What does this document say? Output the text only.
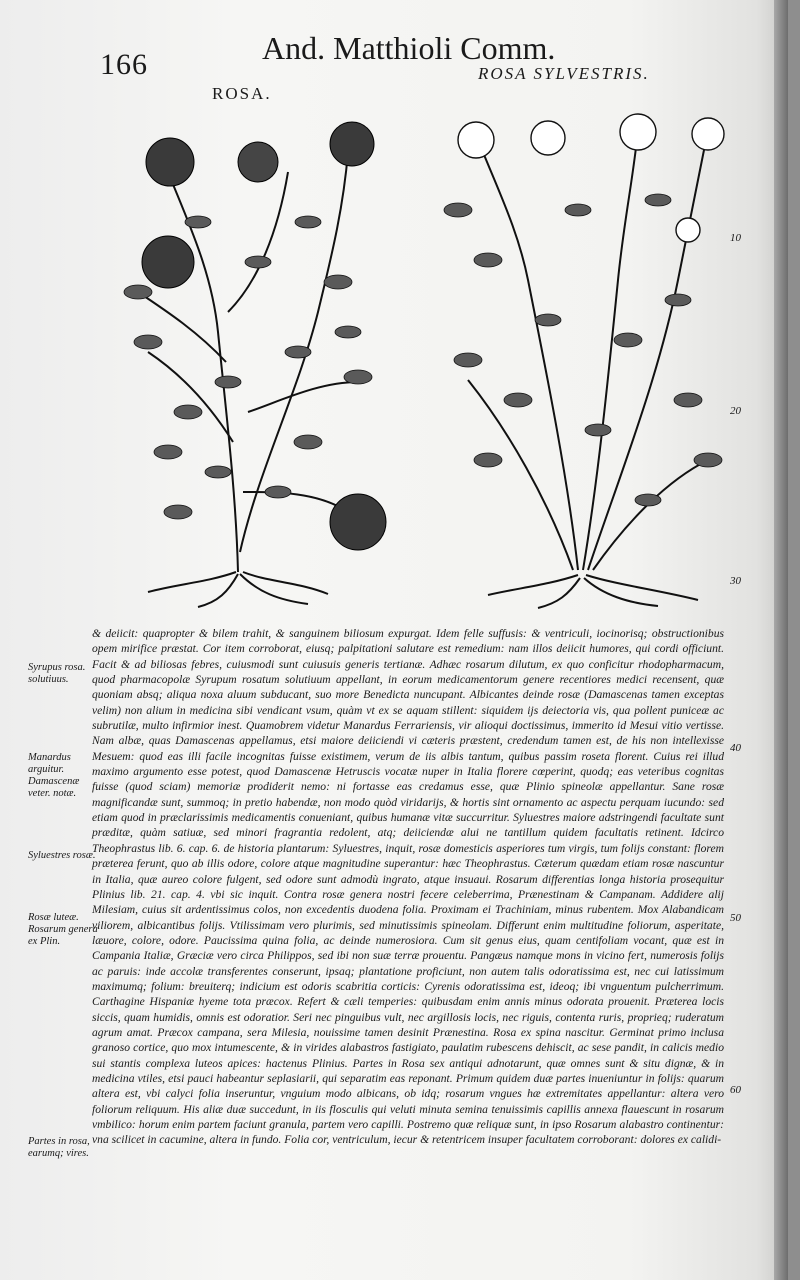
166	And. Matthioli Comm.
ROSA.
ROSA SYLVESTRIS.
10
20
30
40
50
60
Syrupus rosa. solutiuus.
Manardus arguitur. Damascenæ veter. notæ.
Syluestres rosæ.
Rosæ luteæ. Rosarum genera ex Plin.
Partes in rosa, earumq; vires.

& deiicit: quapropter & bilem trahit, & sanguinem biliosum expurgat. Idem felle suffusis: & ventriculi, iocinorisq; obstructionibus opem mirifice præstat. Cor item corroborat, eiusq; palpitationi salutare est remedium: nam illos deiicit humores, qui cordi officiunt. Facit & ad biliosas febres, cuiusmodi sunt cuiusuis generis tertianæ. Adhæc rosarum dilutum, ex quo conficitur rhodopharmacum, quod pharmacopolæ Syrupum rosatum solutiuum appellant, in eorum medicamentorum genere recentiores medici recensent, quæ quoniam absq; aliqua noxa aluum subducant, suo more Benedicta nuncupant. Albicantes deinde rosæ (Damascenas tamen exceptas velim) non alium in medicina sibi vendicant vsum, quàm vt ex se aquam stillent: siquidem ijs deiectoria vis, qua pollent puniceæ ac subrutilæ, multo infirmior inest. Quamobrem videtur Manardus Ferrariensis, vir alioqui doctissimus, immerito id Mesui vitio vertisse. Nam albæ, quas Damascenas appellamus, etsi maiore deiiciendi vi cæteris præstent, credendum tamen est, de his non intellexisse Mesuem: quod eas illi facile incognitas fuisse existimem, verum de iis albis tantum, quibus passim roseta florent. Cuius rei illud maximo argumento esse potest, quod Damascenæ Hetruscis vocatæ nuper in Italia florere cœperint, quodq; eas veteribus cognitas fuisse (quod sciam) memoriæ prodiderit nemo: ni fortasse eas credamus esse, quæ Plinio spineolæ appellantur. Sane rosæ magnificandæ sunt, summoq; in pretio habendæ, non modo quòd viridarijs, & hortis sint ornamento ac aspectu perquam iucundo: sed etiam quod in præclarissimis medicamentis conueniant, quibus humanæ vitæ succurritur. Syluestres maiore adstringendi facultate sunt præditæ, quàm satiuæ, sed minori fragrantia redolent, atq; deiiciendæ alui ne tantillum quidem facultatis retinent. Idcirco Theophrastus lib. 6. cap. 6. de historia plantarum: Syluestres, inquit, rosæ domesticis asperiores tum virgis, tum folijs constant: florem præterea ferunt, quo ab illis odore, colore atque magnitudine superantur: hæc Theophrastus. Cæterum quædam etiam rosæ nascuntur in Italia, quæ aureo colore fulgent, sed odore sunt admodù ingrato, atque insuaui. Rosarum differentias longa historia prosequitur Plinius lib. 21. cap. 4. vbi sic inquit. Contra rosæ genera nostri fecere celeberrima, Prænestinam & Campanam. Addidere alij Milesiam, cuius sit ardentissimus colos, non excedentis duodena folia. Proximam ei Trachiniam, minus rubentem. Mox Alabandicam viliorem, albicantibus folijs. Vtilissimam vero plurimis, sed minutissimis spineolam. Differunt enim multitudine foliorum, asperitate, læuore, colore, odore. Paucissima quina folia, ac deinde numerosiora. Cum sit genus eius, quam centifoliam vocant, quæ est in Campania Italiæ, Græciæ vero circa Philippos, sed ibi non suæ terræ prouentu. Pangæus namque mons in vicino fert, numerosis folijs ac paruis: inde accolæ transferentes conserunt, ipsaq; plantatione proficiunt, non autem talis odoratissima est, nec cui latissimum maximumq; folium: breuiterq; indicium est odoris scabritia corticis: Cyrenis odoratissima est, ideoq; ibi vnguentum pulcherrimum. Carthagine Hispaniæ hyeme tota præcox. Refert & cæli temperies: quibusdam enim annis minus odorata prouenit. Præterea locis siccis, quam humidis, omnis est odoratior. Seri nec pinguibus vult, nec argillosis locis, nec riguis, contenta ruris, proprieq; ruderatum agrum amat. Præcox campana, sera Milesia, nouissime tamen desinit Prænestina. Rosa ex spina nascitur. Germinat primo inclusa granoso cortice, quo mox intumescente, & in virides alabastros fastigiato, paulatim rubescens dehiscit, ac sese pandit, in calicis medio sui stantis complexa luteos apices: hactenus Plinius. Partes in Rosa sex antiqui adnotarunt, quæ omnes sunt & situ dignæ, & in medicina vtiles, etsi pauci habeantur seplasiarii, qui separatim eas reponant. Primum quidem duæ partes inueniuntur in folijs: quarum altera est, vbi calyci folia inseruntur, vnguium modo albicans, ob idq; rosarum vngues hæ extremitates appellantur: altera vero foliorum reliquum. His aliæ duæ succedunt, in iis flosculis qui veluti minuta semina tenuissimis capillis annexa flauescunt in rosarum vmbilico: horum enim partem faciunt granula, partem vero capilli. Postremo quæ reliquæ sunt, in ipso Rosarum alabastro continentur: vna scilicet in cacumine, altera in fundo. Folia cor, ventriculum, iecur & retentricem insuper facultatem corroborant: dolores ex calidi-
